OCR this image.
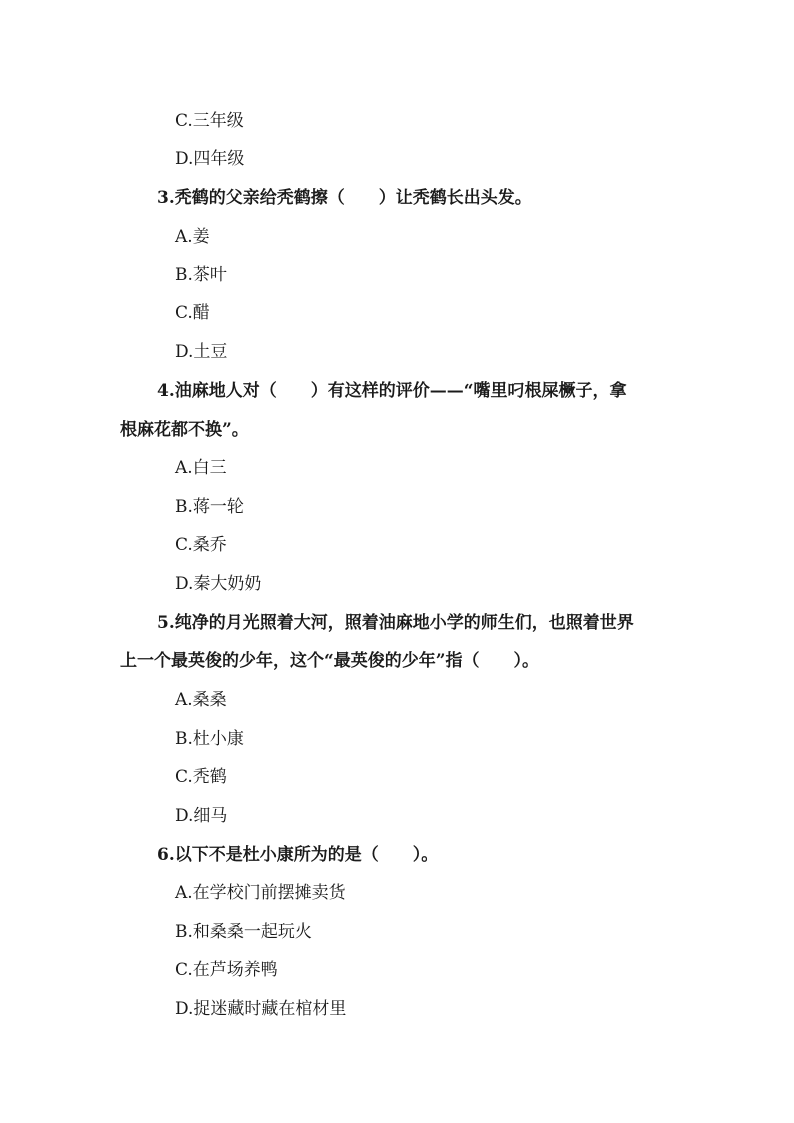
C.三年级
D.四年级
3.秃鹤的父亲给秃鹤擦（　　）让秃鹤长出头发。
A.姜
B.茶叶
C.醋
D.土豆
4.油麻地人对（　　）有这样的评价——“嘴里叼根屎橛子，拿
根麻花都不换”。
A.白三
B.蒋一轮
C.桑乔
D.秦大奶奶
5.纯净的月光照着大河，照着油麻地小学的师生们，也照着世界
上一个最英俊的少年，这个“最英俊的少年”指（　　）。
A.桑桑
B.杜小康
C.秃鹤
D.细马
6.以下不是杜小康所为的是（　　）。
A.在学校门前摆摊卖货
B.和桑桑一起玩火
C.在芦场养鸭
D.捉迷藏时藏在棺材里
